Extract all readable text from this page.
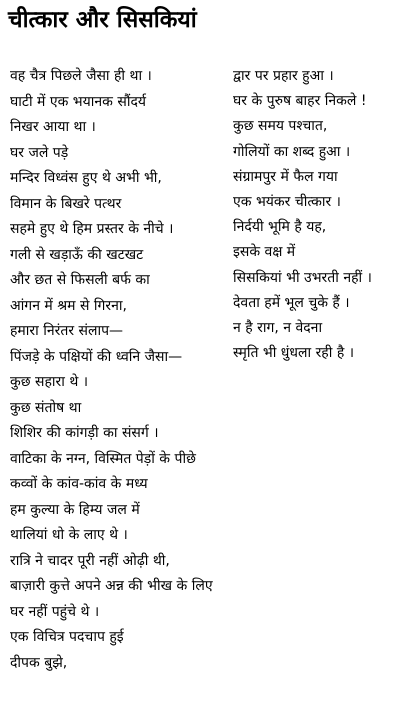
चीत्कार और सिसकियां
वह चैत्र पिछले जैसा ही था ।
घाटी में एक भयानक सौंदर्य
निखर आया था ।
घर जले पड़े
मन्दिर विध्वंस हुए थे अभी भी,
विमान के बिखरे पत्थर
सहमे हुए थे हिम प्रस्तर के नीचे ।
गली से खड़ाऊँ की खटखट
और छत से फिसली बर्फ का
आंगन में श्रम से गिरना,
हमारा निरंतर संलाप—
पिंजड़े के पक्षियों की ध्वनि जैसा—
कुछ सहारा थे ।
कुछ संतोष था
शिशिर की कांगड़ी का संसर्ग ।
वाटिका के नग्न, विस्मित पेड़ों के पीछे
कव्वों के कांव-कांव के मध्य
हम कुल्या के हिम्य जल में
थालियां धो के लाए थे ।
रात्रि ने चादर पूरी नहीं ओढ़ी थी,
बाज़ारी कुत्ते अपने अन्न की भीख के लिए
घर नहीं पहुंचे थे ।
एक विचित्र पदचाप हुई
दीपक बुझे,
द्वार पर प्रहार हुआ ।
घर के पुरुष बाहर निकले !
कुछ समय पश्चात,
गोलियों का शब्द हुआ ।
संग्रामपुर में फैल गया
एक भयंकर चीत्कार ।
निर्दयी भूमि है यह,
इसके वक्ष में
सिसकियां भी उभरती नहीं ।
देवता हमें भूल चुके हैं ।
न है राग, न वेदना
स्मृति भी धुंधला रही है ।
